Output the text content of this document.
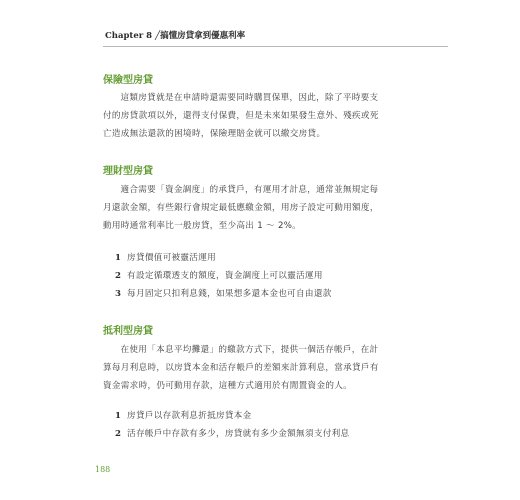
Chapter 8 ╱搞懂房貸拿到優惠利率
保險型房貸

這類房貸就是在申請時還需要同時購買保單，因此，除了平時要支付的房貸款項以外，還得支付保費，但是未來如果發生意外、殘疾或死亡造成無法還款的困境時，保險理賠金就可以繳交房貸。

理財型房貸

適合需要「資金調度」的承貸戶，有運用才計息，通常並無規定每月還款金額，有些銀行會規定最低應繳金額，用房子設定可動用額度，動用時通常利率比一般房貸，至少高出 1 ～ 2%。

1 房貸價值可被靈活運用
2 有設定循環透支的額度，資金調度上可以靈活運用
3 每月固定只扣利息錢，如果想多還本金也可自由還款
抵利型房貸

在使用「本息平均攤還」的繳款方式下，提供一個活存帳戶，在計算每月利息時，以房貸本金和活存帳戶的差額來計算利息，當承貸戶有資金需求時，仍可動用存款，這種方式適用於有閒置資金的人。

1 房貸戶以存款利息折抵房貸本金
2 活存帳戶中存款有多少，房貸就有多少金額無須支付利息
188
